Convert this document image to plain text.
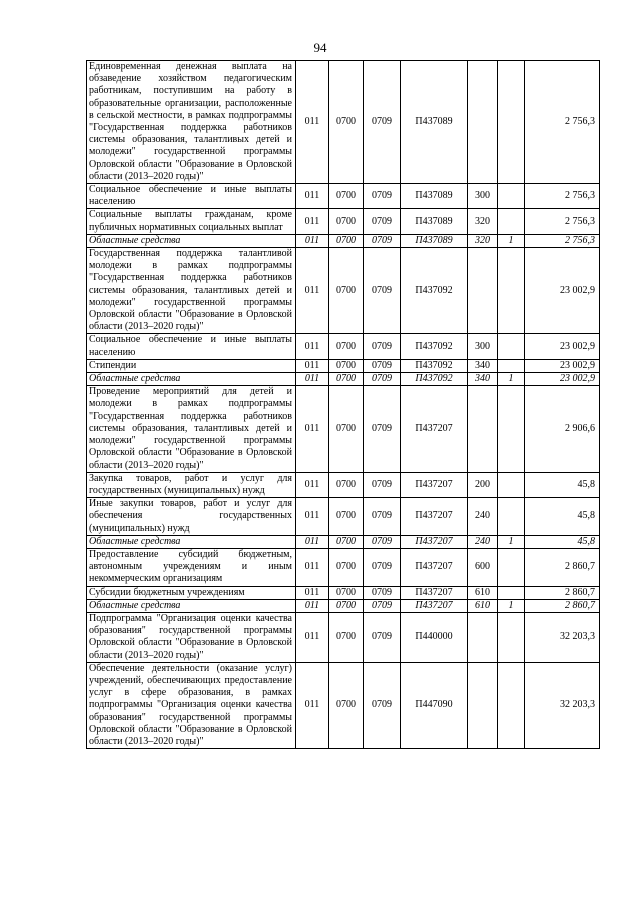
94
Единовременная денежная выплата на обзаведение хозяйством педагогическим работникам, поступившим на работу в образовательные организации, расположенные в сельской местности, в рамках подпрограммы "Государственная поддержка работников системы образования, талантливых детей и молодежи" государственной программы Орловской области "Образование в Орловской области (2013–2020 годы)"	011	0700	0709	П437089			2 756,3
Социальное обеспечение и иные выплаты населению	011	0700	0709	П437089	300		2 756,3
Социальные выплаты гражданам, кроме публичных нормативных социальных выплат	011	0700	0709	П437089	320		2 756,3
Областные средства	011	0700	0709	П437089	320	1	2 756,3
Государственная поддержка талантливой молодежи в рамках подпрограммы "Государственная поддержка работников системы образования, талантливых детей и молодежи" государственной программы Орловской области "Образование в Орловской области (2013–2020 годы)"	011	0700	0709	П437092			23 002,9
Социальное обеспечение и иные выплаты населению	011	0700	0709	П437092	300		23 002,9
Стипендии	011	0700	0709	П437092	340		23 002,9
Областные средства	011	0700	0709	П437092	340	1	23 002,9
Проведение мероприятий для детей и молодежи в рамках подпрограммы "Государственная поддержка работников системы образования, талантливых детей и молодежи" государственной программы Орловской области "Образование в Орловской области (2013–2020 годы)"	011	0700	0709	П437207			2 906,6
Закупка товаров, работ и услуг для государственных (муниципальных) нужд	011	0700	0709	П437207	200		45,8
Иные закупки товаров, работ и услуг для обеспечения государственных (муниципальных) нужд	011	0700	0709	П437207	240		45,8
Областные средства	011	0700	0709	П437207	240	1	45,8
Предоставление субсидий бюджетным, автономным учреждениям и иным некоммерческим организациям	011	0700	0709	П437207	600		2 860,7
Субсидии бюджетным учреждениям	011	0700	0709	П437207	610		2 860,7
Областные средства	011	0700	0709	П437207	610	1	2 860,7
Подпрограмма "Организация оценки качества образования" государственной программы Орловской области "Образование в Орловской области (2013–2020 годы)"	011	0700	0709	П440000			32 203,3
Обеспечение деятельности (оказание услуг) учреждений, обеспечивающих предоставление услуг в сфере образования, в рамках подпрограммы "Организация оценки качества образования" государственной программы Орловской области "Образование в Орловской области (2013–2020 годы)"	011	0700	0709	П447090			32 203,3
